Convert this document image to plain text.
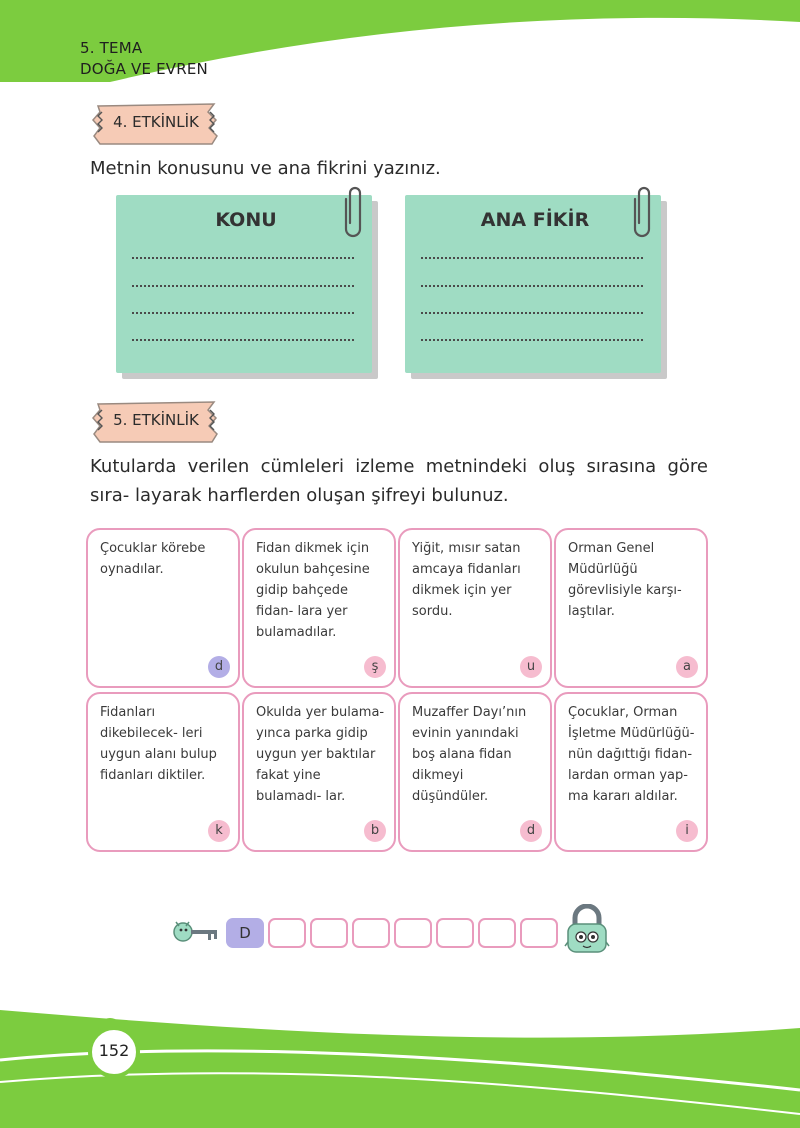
5. TEMA
DOĞA VE EVREN
4. ETKİNLİK
Metnin konusunu ve ana fikrini yazınız.
KONU	ANA FİKİR
5. ETKİNLİK
Kutularda verilen cümleleri izleme metnindeki oluş sırasına göre sıra- layarak harflerden oluşan şifreyi bulunuz.
Çocuklar körebe oynadılar.
d
Fidan dikmek için okulun bahçesine gidip bahçede fidan- lara yer bulamadılar.
ş
Yiğit, mısır satan amcaya fidanları dikmek için yer sordu.
u
Orman Genel Müdürlüğü görevlisiyle karşı- laştılar.
a
Fidanları dikebilecek- leri uygun alanı bulup fidanları diktiler.
k
Okulda yer bulama- yınca parka gidip uygun yer baktılar fakat yine bulamadı- lar.
b
Muzaffer Dayı’nın evinin yanındaki boş alana fidan dikmeyi düşündüler.
d
Çocuklar, Orman İşletme Müdürlüğü- nün dağıttığı fidan- lardan orman yap- ma kararı aldılar.
i
D
152
